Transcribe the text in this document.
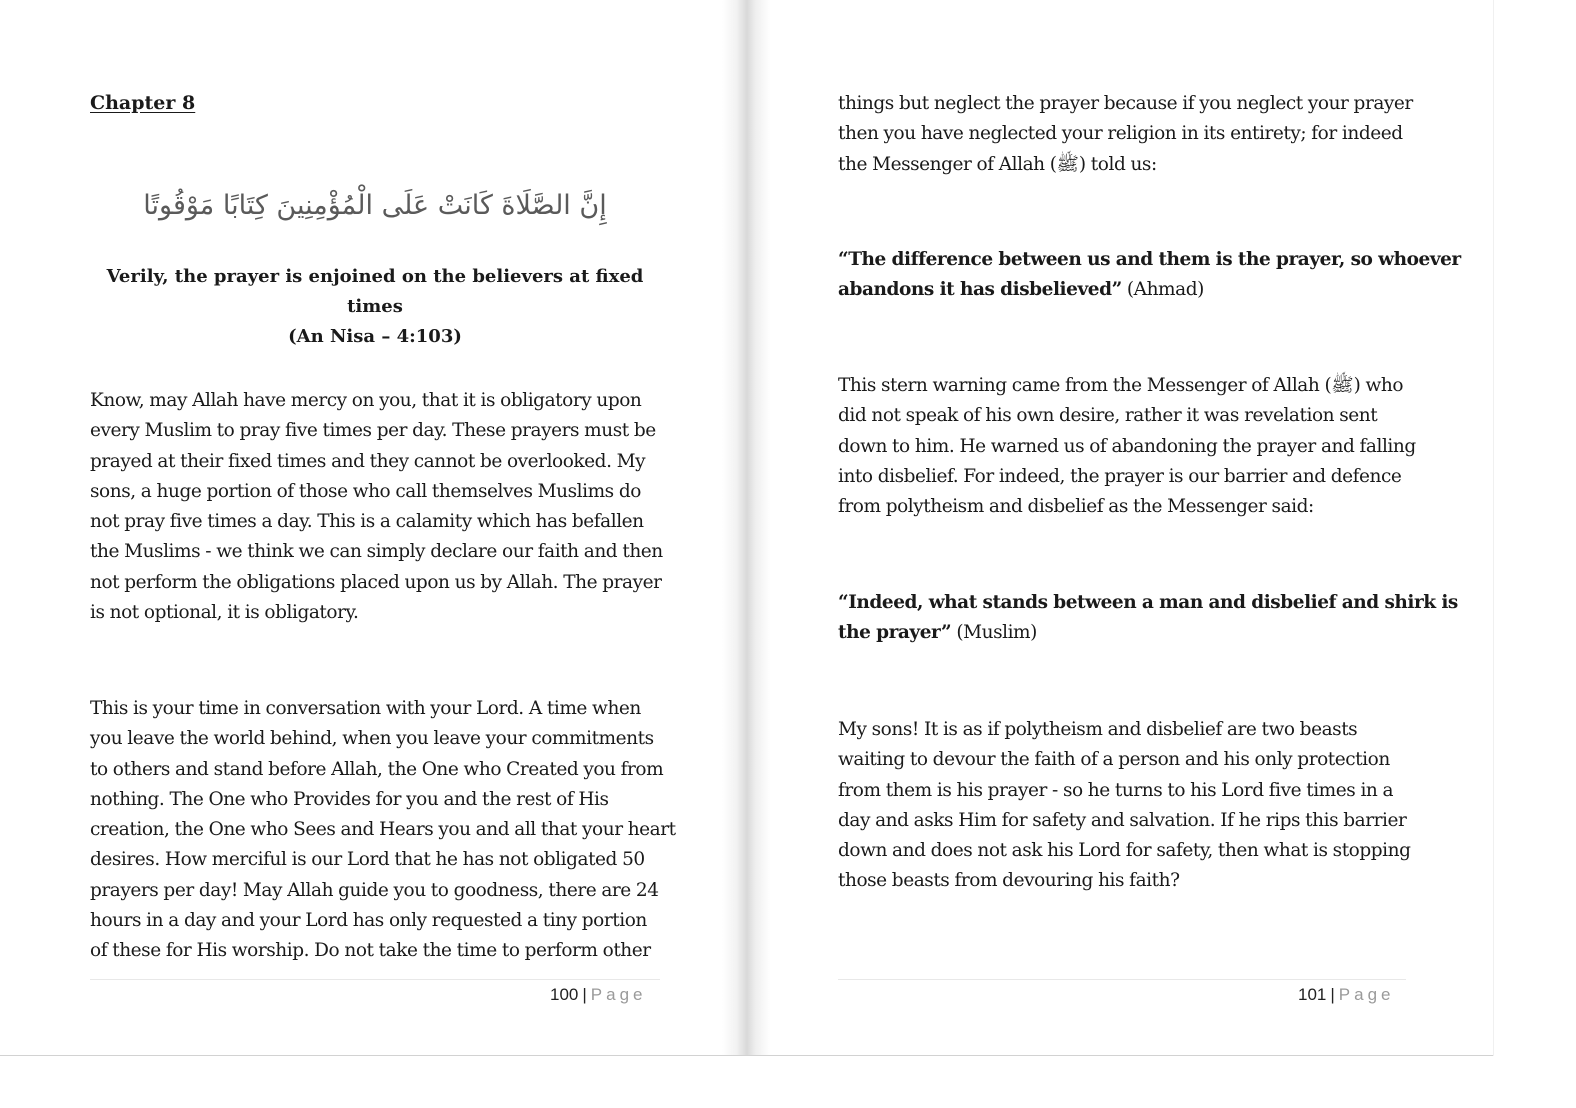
Chapter 8
إِنَّ الصَّلَاةَ كَانَتْ عَلَى الْمُؤْمِنِينَ كِتَابًا مَوْقُوتًا

Verily, the prayer is enjoined on the believers at fixed times
(An Nisa – 4:103)

Know, may Allah have mercy on you, that it is obligatory upon
every Muslim to pray five times per day. These prayers must be
prayed at their fixed times and they cannot be overlooked. My
sons, a huge portion of those who call themselves Muslims do
not pray five times a day. This is a calamity which has befallen
the Muslims - we think we can simply declare our faith and then
not perform the obligations placed upon us by Allah. The prayer
is not optional, it is obligatory.

This is your time in conversation with your Lord. A time when
you leave the world behind, when you leave your commitments
to others and stand before Allah, the One who Created you from
nothing. The One who Provides for you and the rest of His
creation, the One who Sees and Hears you and all that your heart
desires. How merciful is our Lord that he has not obligated 50
prayers per day! May Allah guide you to goodness, there are 24
hours in a day and your Lord has only requested a tiny portion
of these for His worship. Do not take the time to perform other

100 | Page

things but neglect the prayer because if you neglect your prayer
then you have neglected your religion in its entirety; for indeed
the Messenger of Allah (ﷺ) told us:

“The difference between us and them is the prayer, so whoever
abandons it has disbelieved” (Ahmad)

This stern warning came from the Messenger of Allah (ﷺ) who
did not speak of his own desire, rather it was revelation sent
down to him. He warned us of abandoning the prayer and falling
into disbelief. For indeed, the prayer is our barrier and defence
from polytheism and disbelief as the Messenger said:

“Indeed, what stands between a man and disbelief and shirk is
the prayer” (Muslim)

My sons! It is as if polytheism and disbelief are two beasts
waiting to devour the faith of a person and his only protection
from them is his prayer - so he turns to his Lord five times in a
day and asks Him for safety and salvation. If he rips this barrier
down and does not ask his Lord for safety, then what is stopping
those beasts from devouring his faith?

101 | Page
